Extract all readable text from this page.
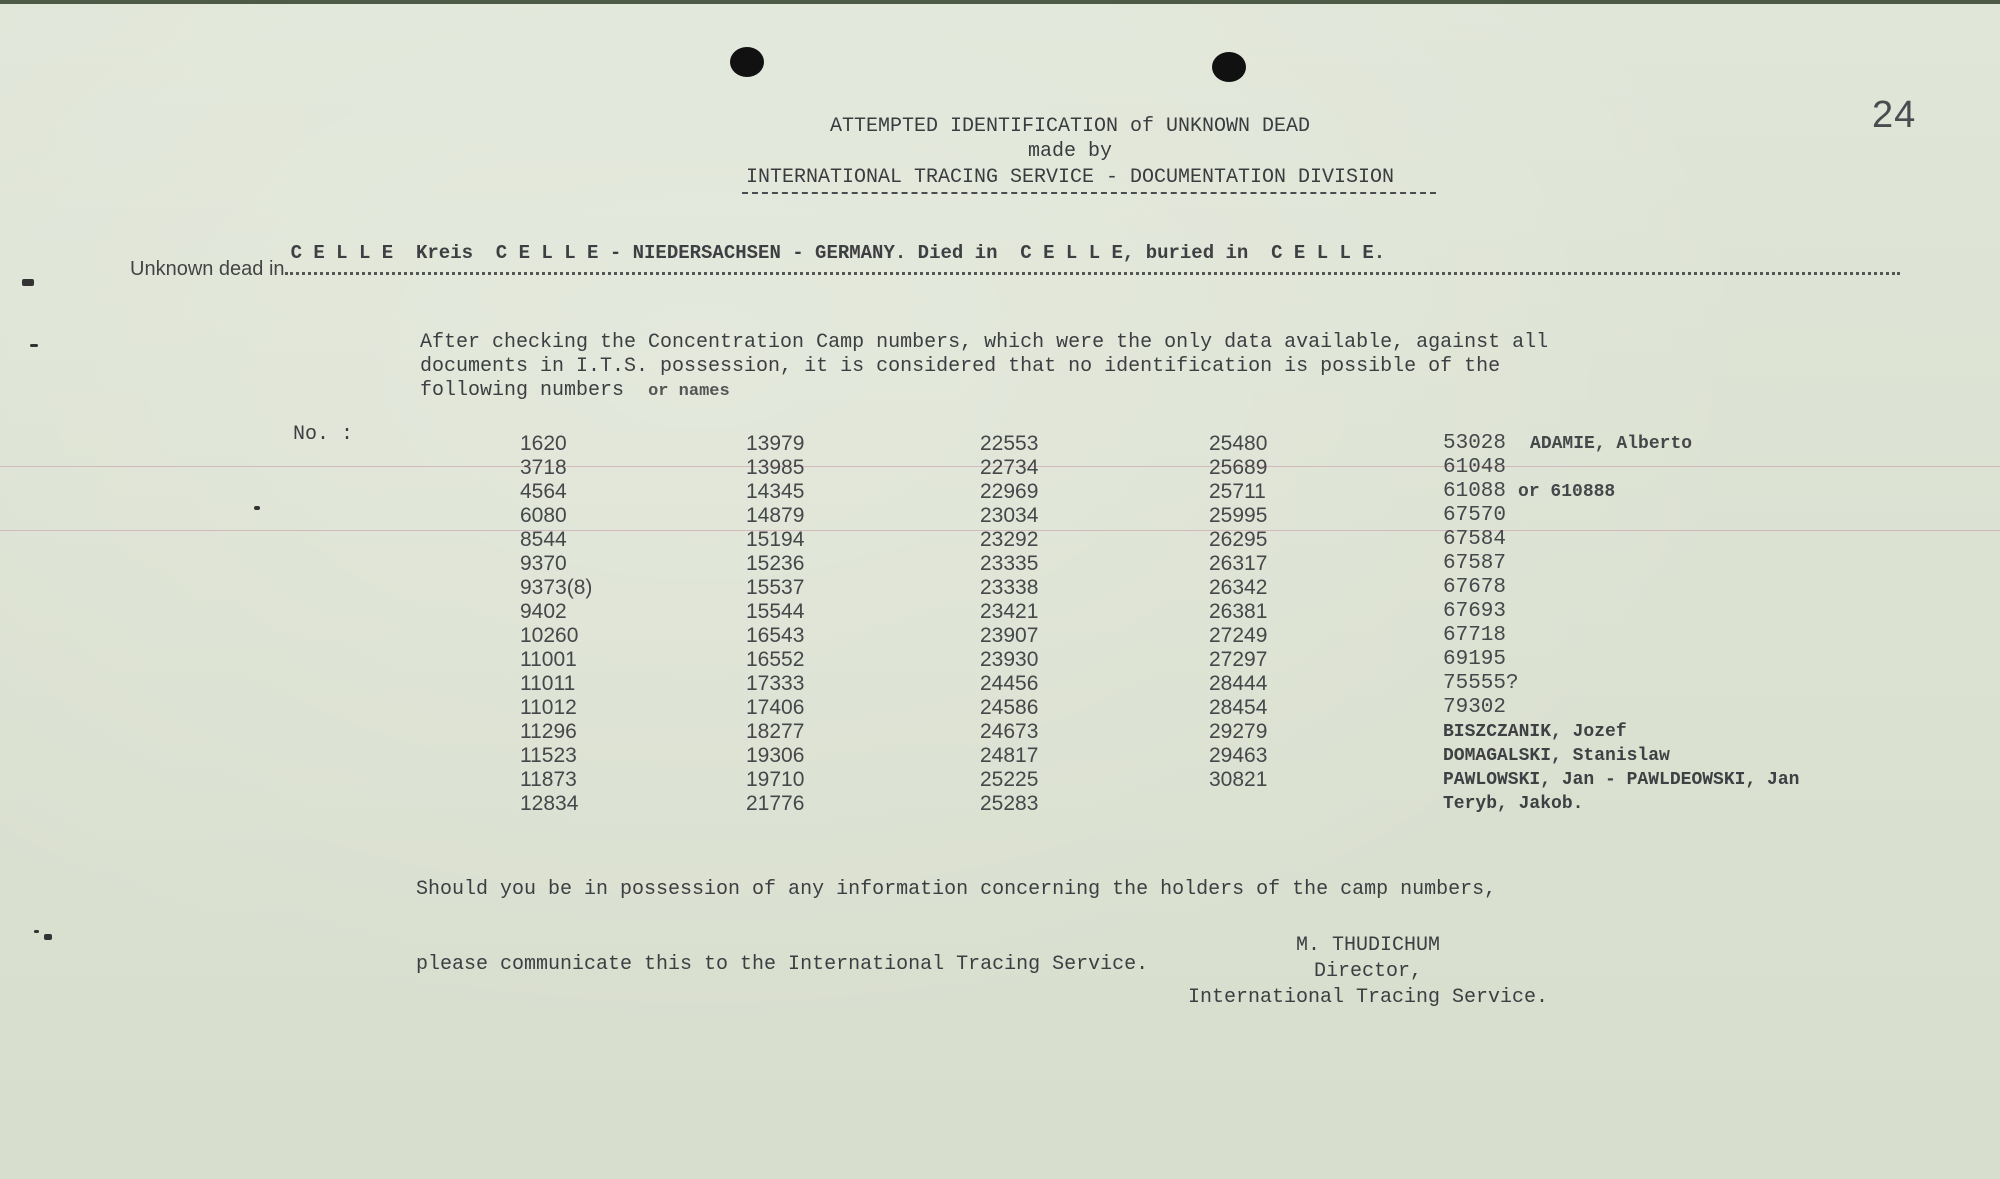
24
ATTEMPTED IDENTIFICATION of UNKNOWN DEAD
made by
INTERNATIONAL TRACING SERVICE - DOCUMENTATION DIVISION
Unknown dead in
C E L L E  Kreis  C E L L E - NIEDERSACHSEN - GERMANY. Died in  C E L L E, buried in  C E L L E.
After checking the Concentration Camp numbers, which were the only data available, against all
documents in I.T.S. possession, it is considered that no identification is possible of the
following numbers or names
No. :	1620
3718
4564
6080
8544
9370
9373(8)
9402
10260
11001
11011
11012
11296
11523
11873
12834
13979
13985
14345
14879
15194
15236
15537
15544
16543
16552
17333
17406
18277
19306
19710
21776
22553
22734
22969
23034
23292
23335
23338
23421
23907
23930
24456
24586
24673
24817
25225
25283
25480
25689
25711
25995
26295
26317
26342
26381
27249
27297
28444
28454
29279
29463
30821
53028 ADAMIE, Alberto
61048
61088 or 610888
67570
67584
67587
67678
67693
67718
69195
75555?
79302
BISZCZANIK, Jozef
DOMAGALSKI, Stanislaw
PAWLOWSKI, Jan - PAWLDEOWSKI, Jan
Teryb, Jakob.

Should you be in possession of any information concerning the holders of the camp numbers,

please communicate this to the International Tracing Service.

M. THUDICHUM
Director,
International Tracing Service.
